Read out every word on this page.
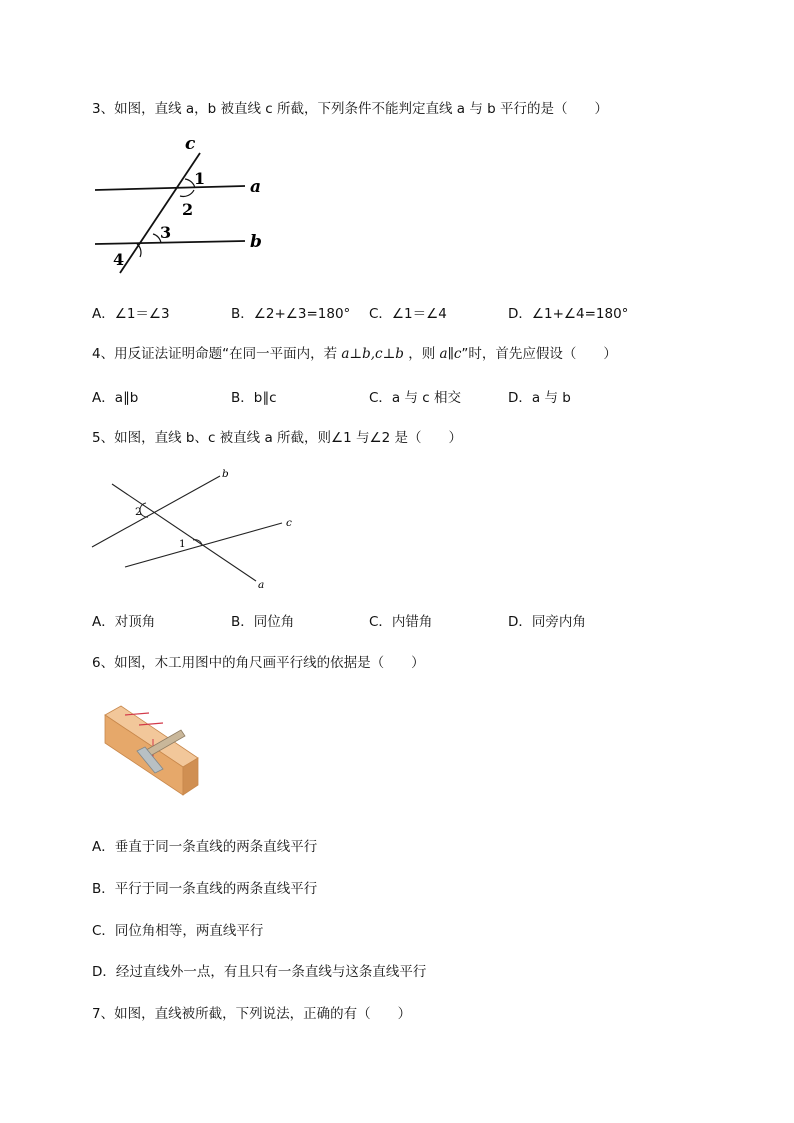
3、如图，直线 a，b 被直线 c 所截，下列条件不能判定直线 a 与 b 平行的是（　　）
c
a
b
1
2
3
4
A．∠1＝∠3	B．∠2+∠3=180° C．∠1＝∠4	D．∠1+∠4=180°
4、用反证法证明命题“在同一平面内，若 a⊥b,c⊥b ，则 a∥c”时，首先应假设（　　）
A．a∥b	B．b∥c	C．a 与 c 相交	D．a 与 b
5、如图，直线 b、c 被直线 a 所截，则∠1 与∠2 是（　　）
b
c
a
2
1
A．对顶角	B．同位角	C．内错角	D．同旁内角
6、如图，木工用图中的角尺画平行线的依据是（　　）
A．垂直于同一条直线的两条直线平行
B．平行于同一条直线的两条直线平行
C．同位角相等，两直线平行
D．经过直线外一点，有且只有一条直线与这条直线平行
7、如图，直线被所截，下列说法，正确的有（　　）
